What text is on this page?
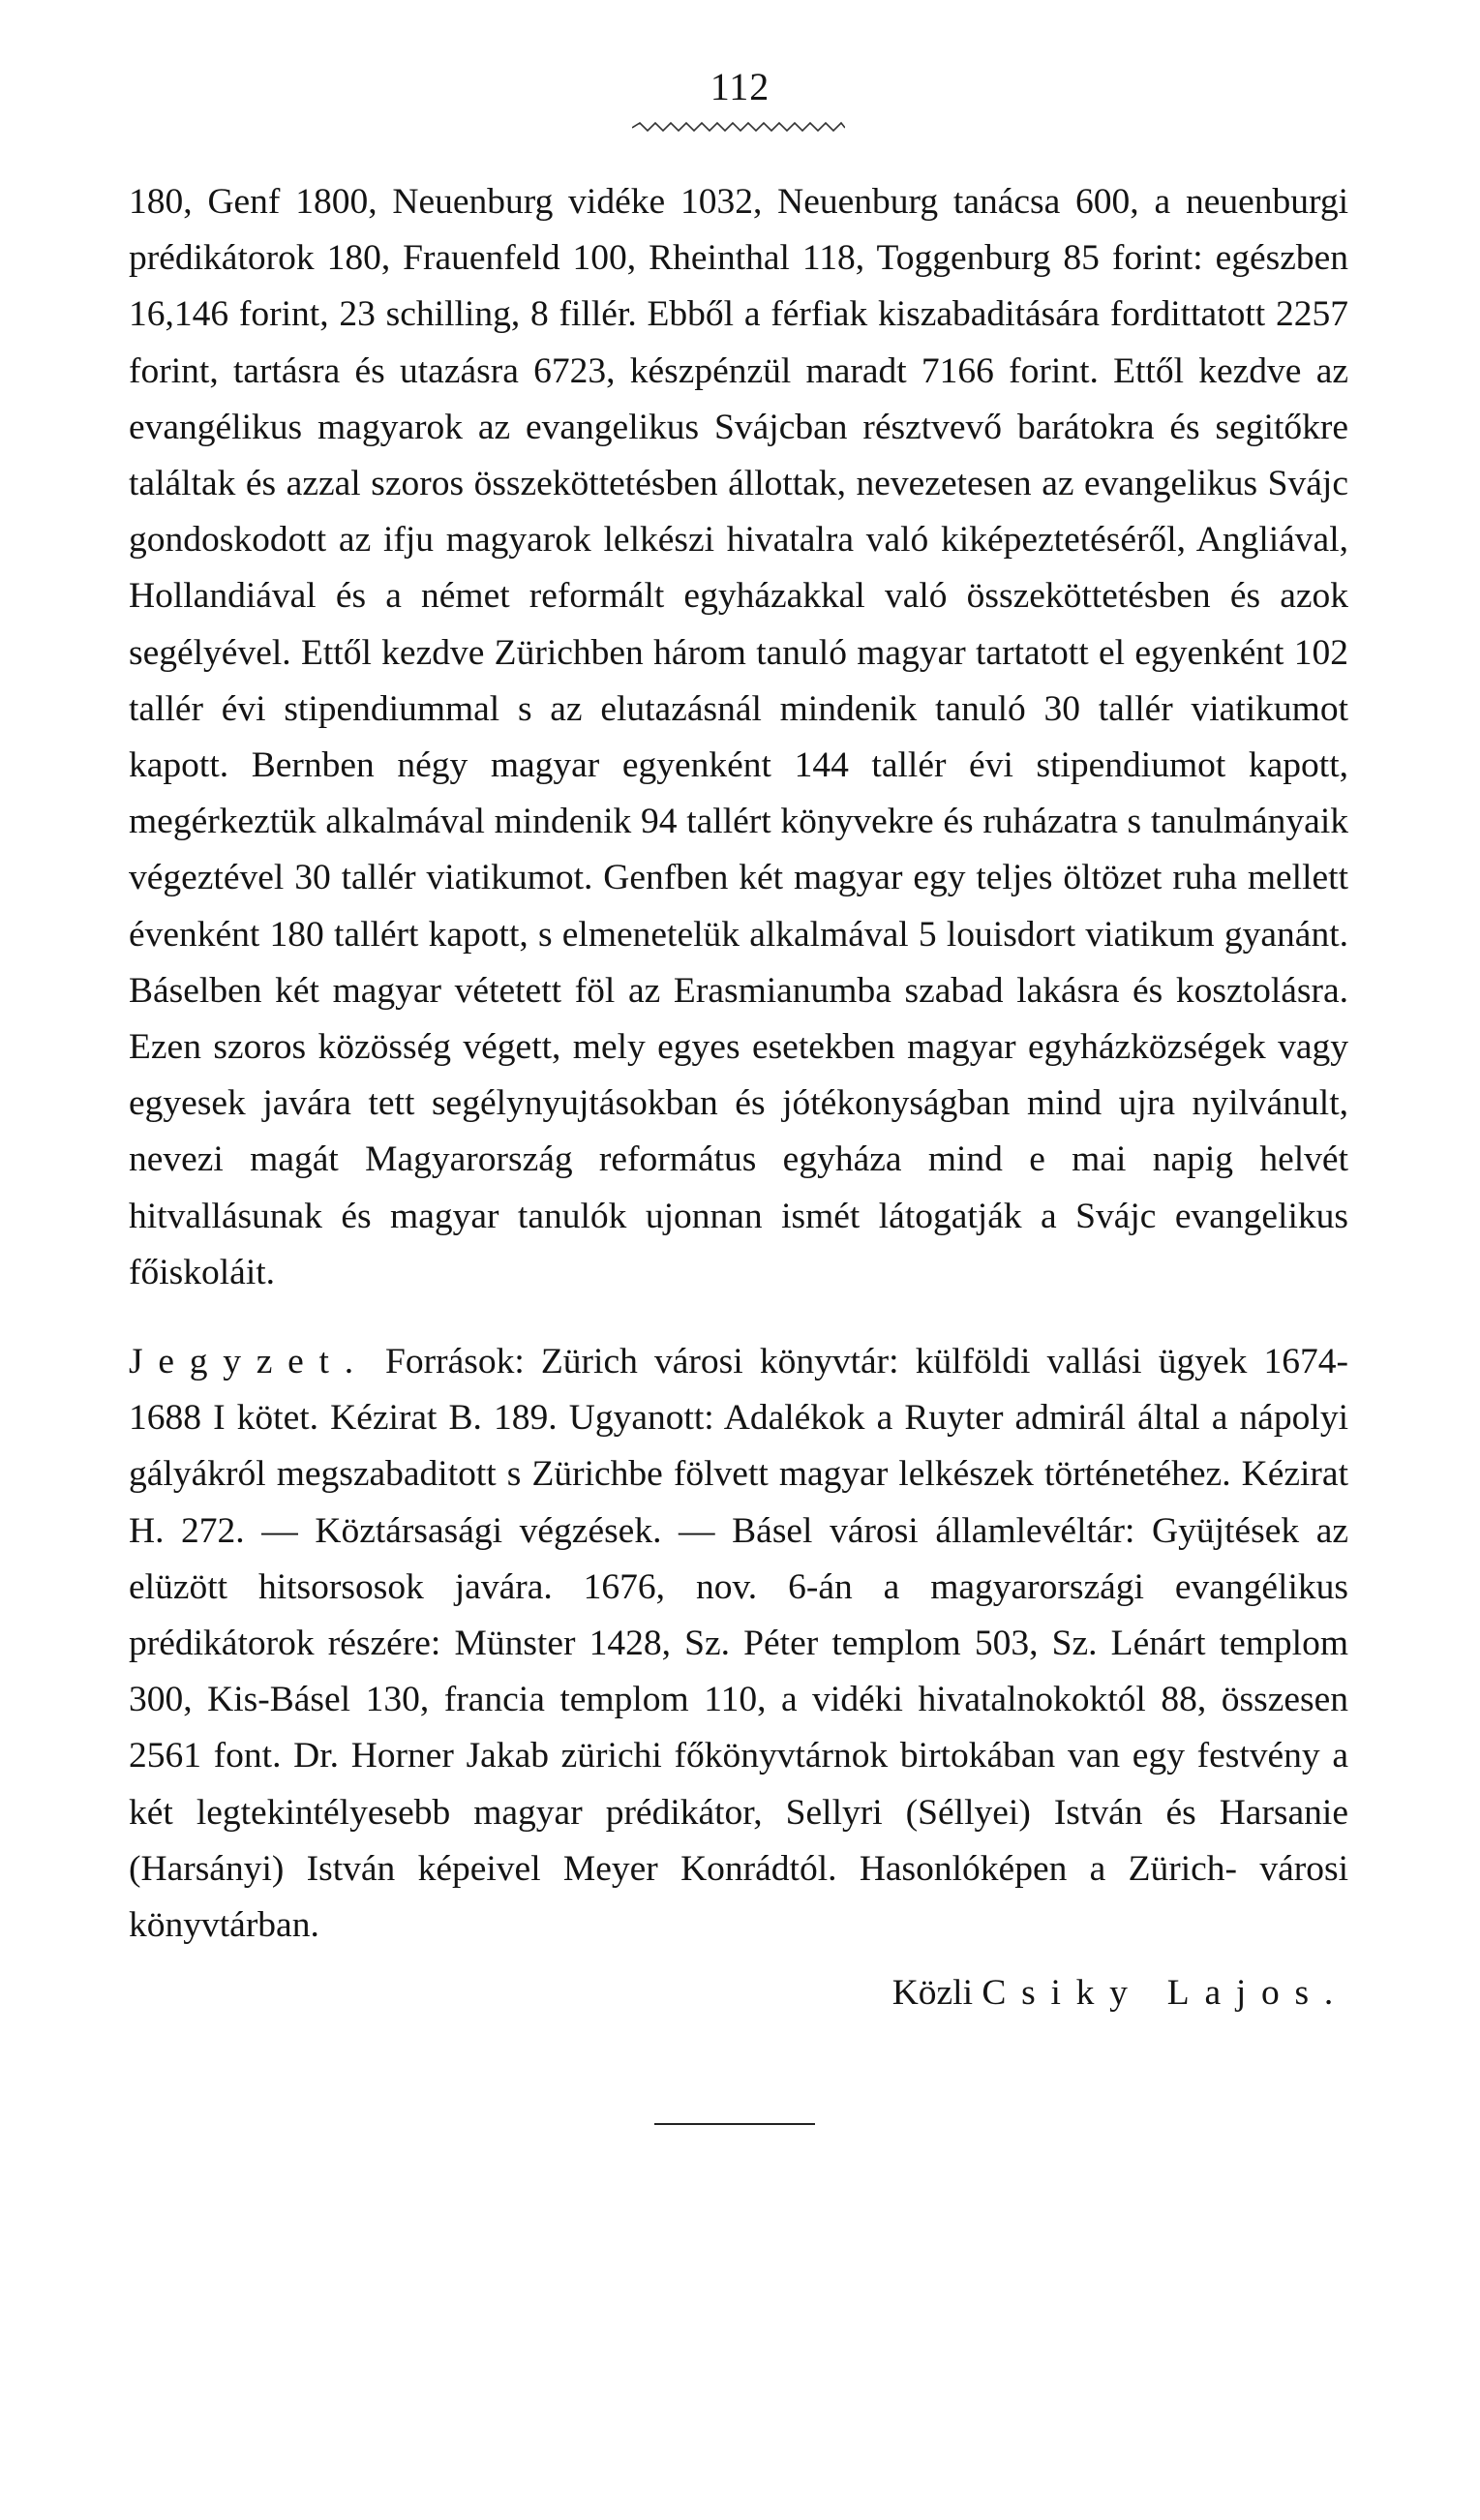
112

180, Genf 1800, Neuenburg vidéke 1032, Neuenburg tanácsa 600, a neuenburgi prédikátorok 180, Frauenfeld 100, Rheinthal 118, Toggenburg 85 forint: egészben 16,146 forint, 23 schilling, 8 fillér. Ebből a férfiak kiszabaditására fordittatott 2257 forint, tartásra és utazásra 6723, készpénzül maradt 7166 forint. Ettől kezdve az evangélikus magyarok az evangelikus Svájcban résztvevő barátokra és segitőkre találtak és azzal szoros összeköttetésben állottak, nevezetesen az evangelikus Svájc gondoskodott az ifju magyarok lelkészi hivatalra való kiképeztetéséről, Angliával, Hollandiával és a német reformált egyházakkal való összeköttetésben és azok segélyével. Ettől kezdve Zürichben három tanuló magyar tartatott el egyenként 102 tallér évi stipendiummal s az elutazásnál mindenik tanuló 30 tallér viatikumot kapott. Bernben négy magyar egyenként 144 tallér évi stipendiumot kapott, megérkeztük alkalmával mindenik 94 tallért könyvekre és ruházatra s tanulmányaik végeztével 30 tallér viatikumot. Genfben két magyar egy teljes öltözet ruha mellett évenként 180 tallért kapott, s elmenetelük alkalmával 5 louisdort viatikum gyanánt. Báselben két magyar vétetett föl az Erasmianumba szabad lakásra és kosztolásra. Ezen szoros közösség végett, mely egyes esetekben magyar egyházközségek vagy egyesek javára tett segélynyujtásokban és jótékonyságban mind ujra nyilvánult, nevezi magát Magyarország református egyháza mind e mai napig helvét hitvallásunak és magyar tanulók ujonnan ismét látogatják a Svájc evangelikus főiskoláit.

Jegyzet. Források: Zürich városi könyvtár: külföldi vallási ügyek 1674-1688 I kötet. Kézirat B. 189. Ugyanott: Adalékok a Ruyter admirál által a nápolyi gályákról megszabaditott s Zürichbe fölvett magyar lelkészek történetéhez. Kézirat H. 272. — Köztársasági végzések. — Básel városi államlevéltár: Gyüjtések az elüzött hitsorsosok javára. 1676, nov. 6-án a magyarországi evangélikus prédikátorok részére: Münster 1428, Sz. Péter templom 503, Sz. Lénárt templom 300, Kis-Básel 130, francia templom 110, a vidéki hivatalnokoktól 88, összesen 2561 font. Dr. Horner Jakab zürichi főkönyvtárnok birtokában van egy festvény a két legtekintélyesebb magyar prédikátor, Sellyri (Séllyei) István és Harsanie (Harsányi) István képeivel Meyer Konrádtól. Hasonlóképen a Zürich- városi könyvtárban.

Közli Csiky Lajos.
